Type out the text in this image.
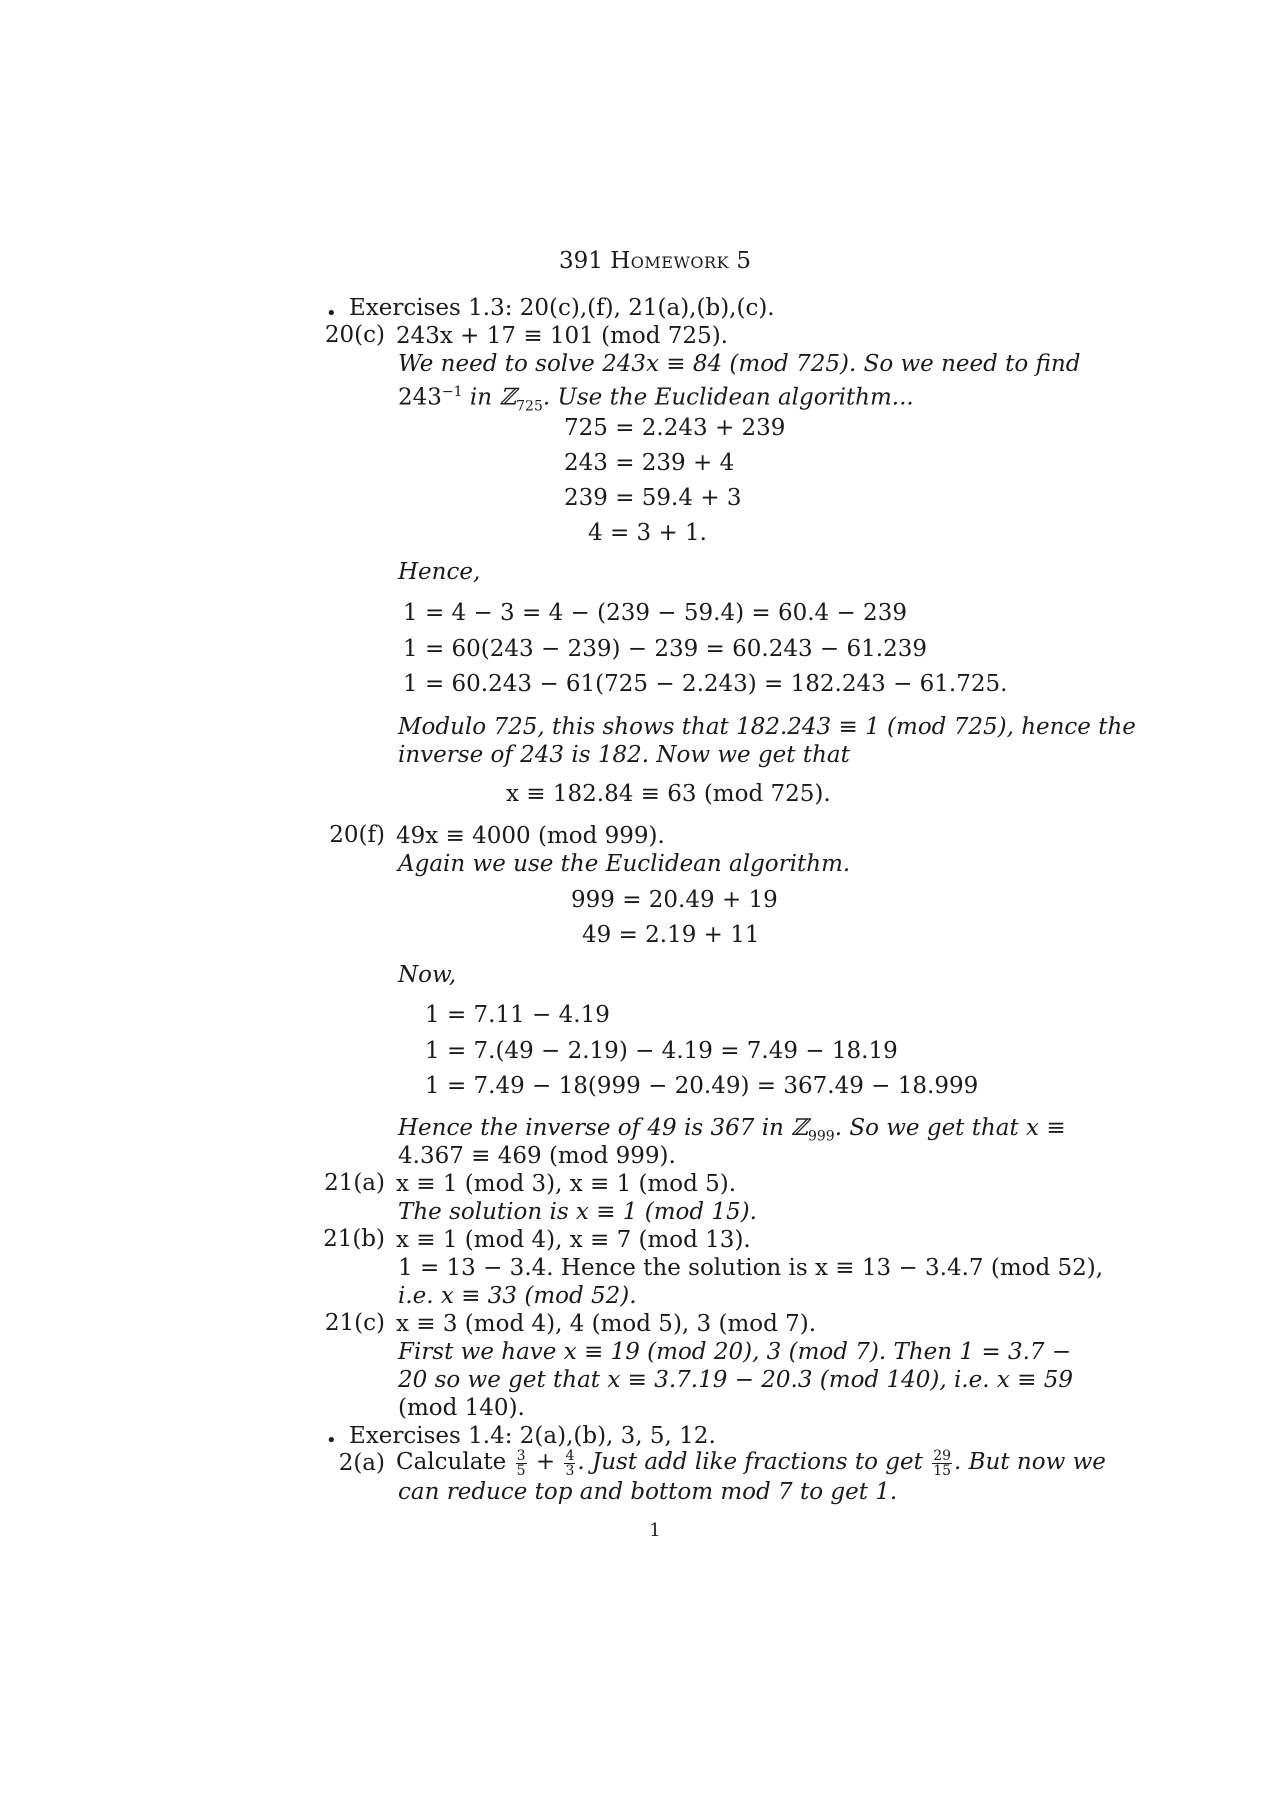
391 Homework 5
• Exercises 1.3: 20(c),(f), 21(a),(b),(c).
20(c) 243x + 17 ≡ 101 (mod 725).
We need to solve 243x ≡ 84 (mod 725). So we need to find
$243^{-1}$ in ℤ$_{725}$. Use the Euclidean algorithm...
725 = 2.243 + 239
243 = 239 + 4
239 = 59.4 + 3
4 = 3 + 1.
Hence,
1 = 4 − 3 = 4 − (239 − 59.4) = 60.4 − 239
1 = 60(243 − 239) − 239 = 60.243 − 61.239
1 = 60.243 − 61(725 − 2.243) = 182.243 − 61.725.
Modulo 725, this shows that 182.243 ≡ 1 (mod 725), hence the
inverse of 243 is 182. Now we get that
x ≡ 182.84 ≡ 63 (mod 725).
20(f) 49x ≡ 4000 (mod 999).
Again we use the Euclidean algorithm.
999 = 20.49 + 19
49 = 2.19 + 11
Now,
1 = 7.11 − 4.19
1 = 7.(49 − 2.19) − 4.19 = 7.49 − 18.19
1 = 7.49 − 18(999 − 20.49) = 367.49 − 18.999
Hence the inverse of 49 is 367 in ℤ$_{999}$. So we get that x ≡
4.367 ≡ 469 (mod 999).
21(a) x ≡ 1 (mod 3), x ≡ 1 (mod 5).
The solution is x ≡ 1 (mod 15).
21(b) x ≡ 1 (mod 4), x ≡ 7 (mod 13).
1 = 13 − 3.4. Hence the solution is x ≡ 13 − 3.4.7 (mod 52),
i.e. x ≡ 33 (mod 52).
21(c) x ≡ 3 (mod 4), 4 (mod 5), 3 (mod 7).
First we have x ≡ 19 (mod 20), 3 (mod 7). Then 1 = 3.7 −
20 so we get that x ≡ 3.7.19 − 20.3 (mod 140), i.e. x ≡ 59
(mod 140).
• Exercises 1.4: 2(a),(b), 3, 5, 12.
2(a) Calculate $\frac{3}{5} + \frac{4}{3}$ . Just add like fractions to get $\frac{29}{15}$ . But now we
can reduce top and bottom mod 7 to get 1.
1
